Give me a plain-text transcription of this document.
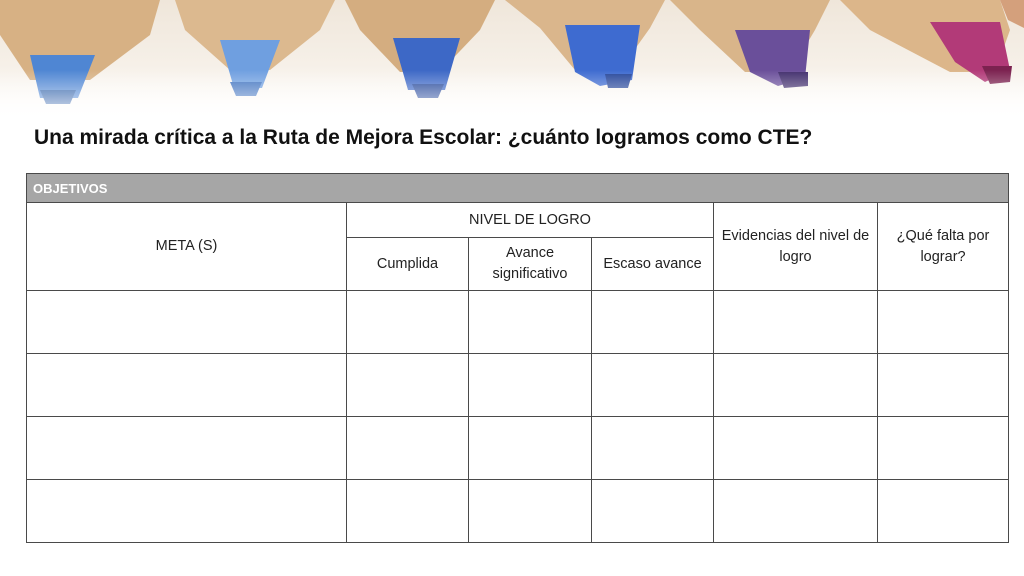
Una mirada crítica a la Ruta de Mejora Escolar: ¿cuánto logramos como CTE?
OBJETIVOS					
META (S)	NIVEL DE LOGRO			Evidencias del nivel de logro	¿Qué falta por lograr?
	Cumplida	Avance significativo	Escaso avance		
